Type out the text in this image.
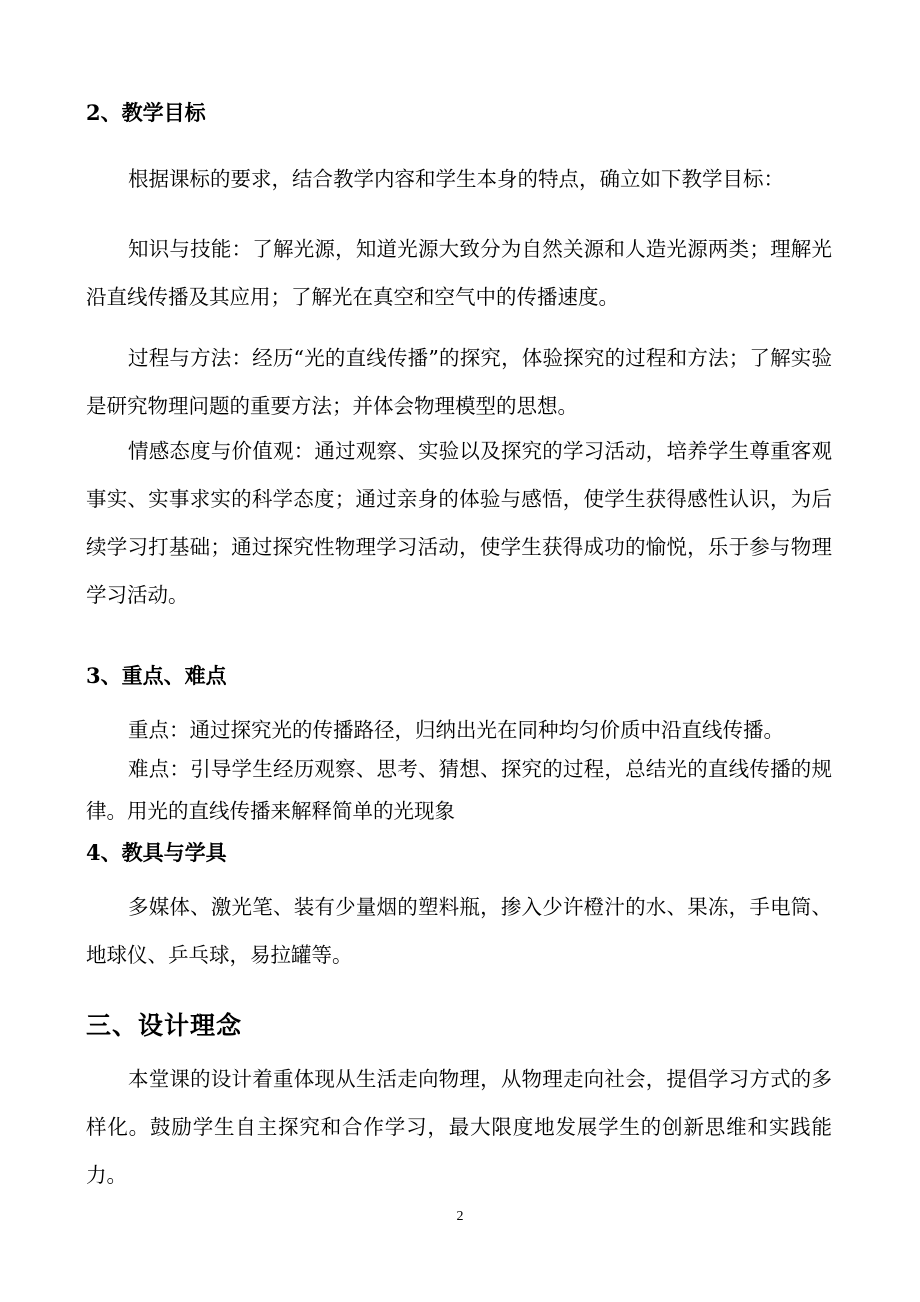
2、教学目标

根据课标的要求，结合教学内容和学生本身的特点，确立如下教学目标：

知识与技能：了解光源，知道光源大致分为自然关源和人造光源两类；理解光沿直线传播及其应用；了解光在真空和空气中的传播速度。

过程与方法：经历“光的直线传播”的探究，体验探究的过程和方法；了解实验是研究物理问题的重要方法；并体会物理模型的思想。

情感态度与价值观：通过观察、实验以及探究的学习活动，培养学生尊重客观事实、实事求实的科学态度；通过亲身的体验与感悟，使学生获得感性认识，为后续学习打基础；通过探究性物理学习活动，使学生获得成功的愉悦，乐于参与物理学习活动。

3、重点、难点

重点：通过探究光的传播路径，归纳出光在同种均匀价质中沿直线传播。

难点：引导学生经历观察、思考、猜想、探究的过程，总结光的直线传播的规律。用光的直线传播来解释简单的光现象

4、教具与学具

多媒体、激光笔、装有少量烟的塑料瓶，掺入少许橙汁的水、果冻，手电筒、地球仪、乒乓球，易拉罐等。

三、设计理念

本堂课的设计着重体现从生活走向物理，从物理走向社会，提倡学习方式的多样化。鼓励学生自主探究和合作学习，最大限度地发展学生的创新思维和实践能力。

2
